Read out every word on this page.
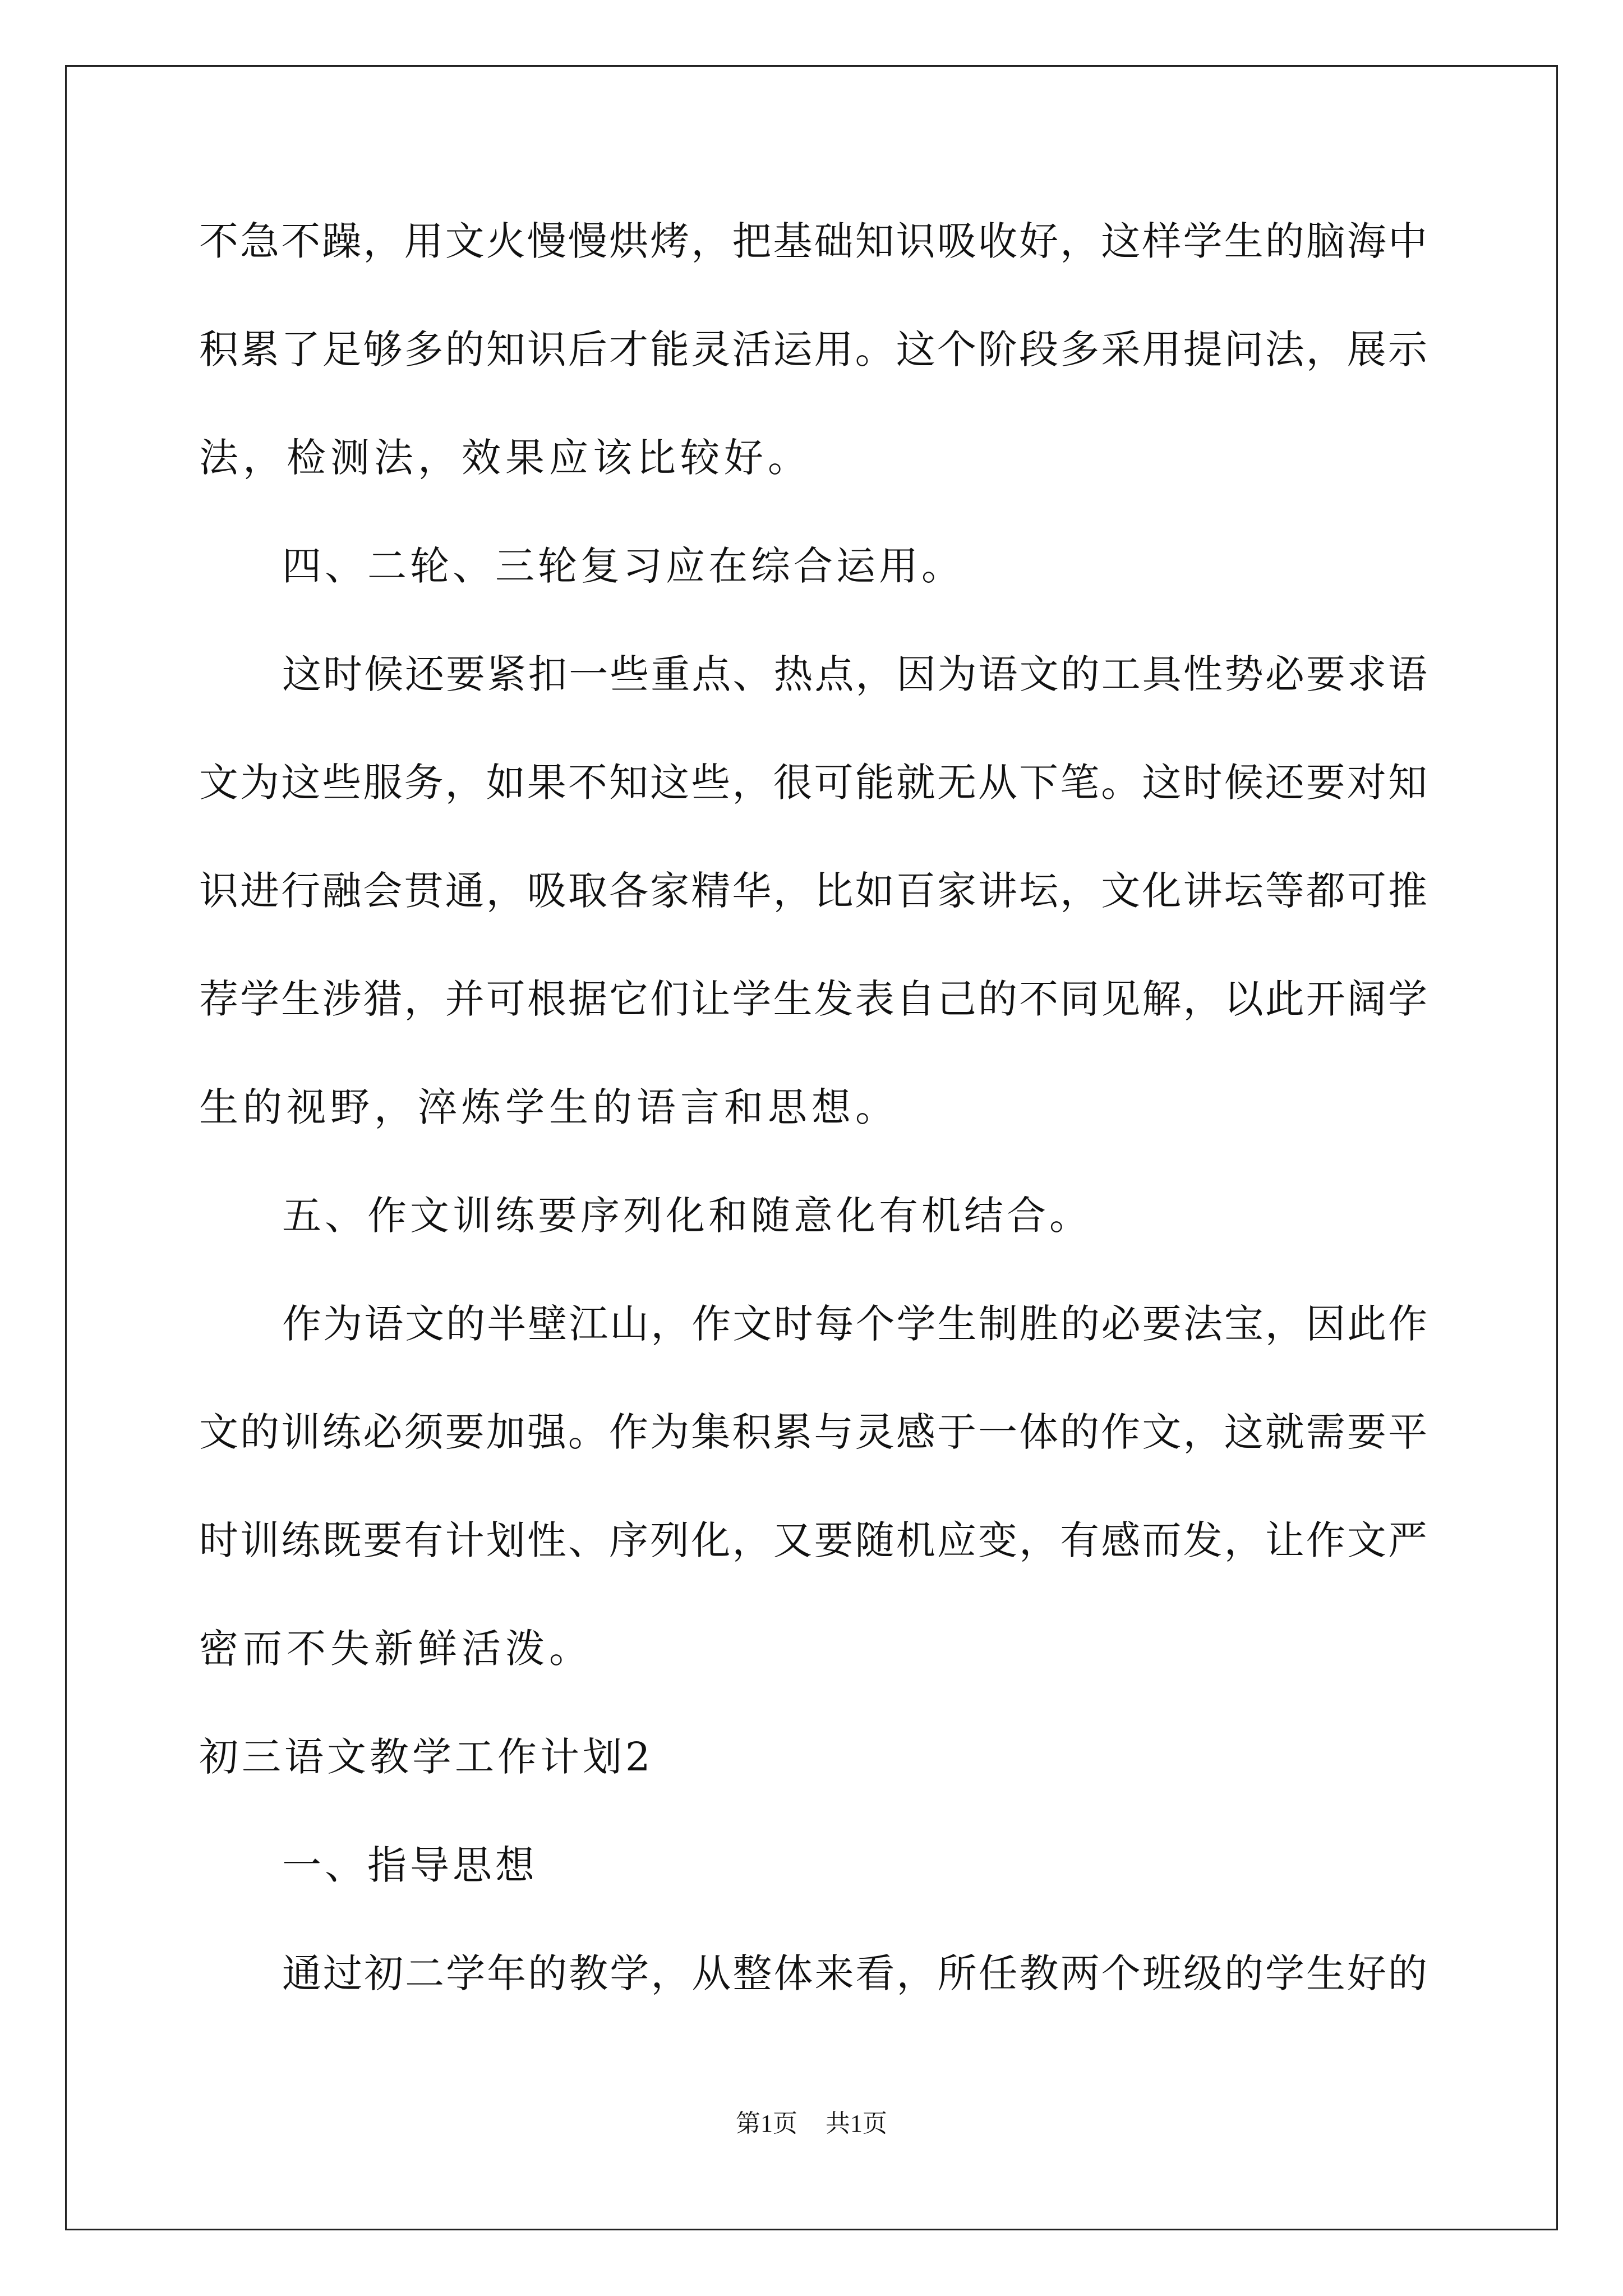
不急不躁，用文火慢慢烘烤，把基础知识吸收好，这样学生的脑海中
积累了足够多的知识后才能灵活运用。这个阶段多采用提问法，展示
法，检测法，效果应该比较好。
四、二轮、三轮复习应在综合运用。
这时候还要紧扣一些重点、热点，因为语文的工具性势必要求语
文为这些服务，如果不知这些，很可能就无从下笔。这时候还要对知
识进行融会贯通，吸取各家精华，比如百家讲坛，文化讲坛等都可推
荐学生涉猎，并可根据它们让学生发表自己的不同见解，以此开阔学
生的视野，淬炼学生的语言和思想。
五、作文训练要序列化和随意化有机结合。
作为语文的半壁江山，作文时每个学生制胜的必要法宝，因此作
文的训练必须要加强。作为集积累与灵感于一体的作文，这就需要平
时训练既要有计划性、序列化，又要随机应变，有感而发，让作文严
密而不失新鲜活泼。
初三语文教学工作计划2
一、指导思想
通过初二学年的教学，从整体来看，所任教两个班级的学生好的
第1页 共1页
